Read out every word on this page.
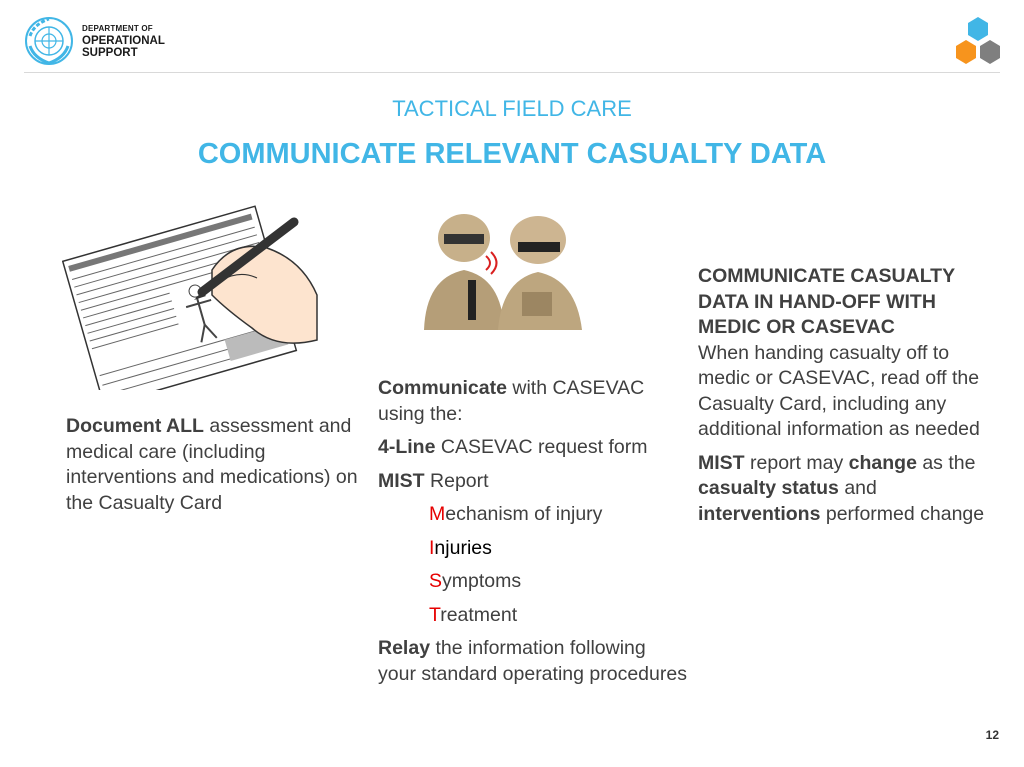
DEPARTMENT OF
OPERATIONAL
SUPPORT
TACTICAL FIELD CARE
COMMUNICATE RELEVANT CASUALTY DATA
Document ALL assessment and medical care (including interventions and medications) on the Casualty Card

Communicate with CASEVAC using the:

4-Line CASEVAC request form

MIST Report

Mechanism of injury

Injuries

Symptoms

Treatment

Relay the information following your standard operating procedures

COMMUNICATE CASUALTY DATA IN HAND-OFF WITH MEDIC OR CASEVAC

When handing casualty off to medic or CASEVAC, read off the Casualty Card, including any additional information as needed

MIST report may change as the casualty status and interventions performed change

12
